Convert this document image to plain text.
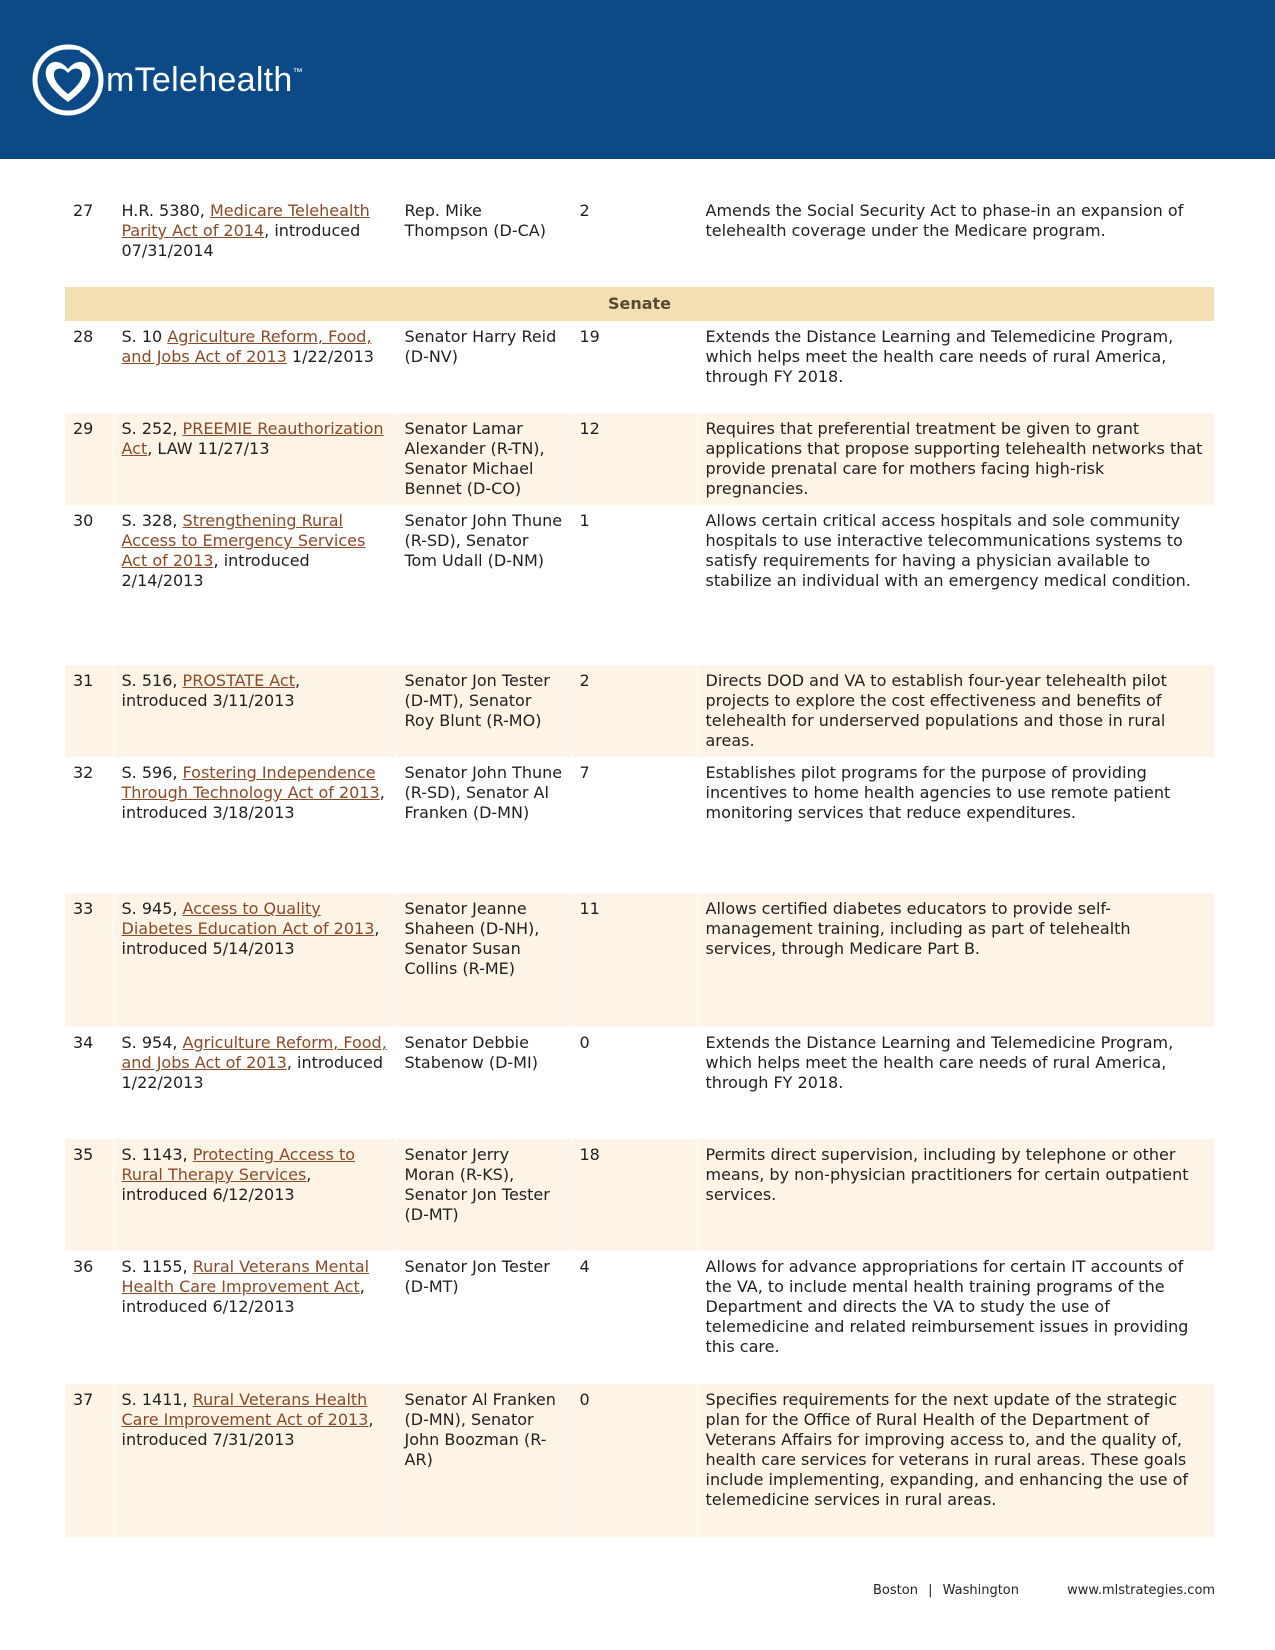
mTelehealth™
27	H.R. 5380, Medicare Telehealth Parity Act of 2014, introduced 07/31/2014	Rep. Mike Thompson (D-CA)	2	Amends the Social Security Act to phase-in an expansion of telehealth coverage under the Medicare program.
Senate				
28	S. 10 Agriculture Reform, Food, and Jobs Act of 2013 1/22/2013	Senator Harry Reid (D-NV)	19	Extends the Distance Learning and Telemedicine Program, which helps meet the health care needs of rural America, through FY 2018.
29	S. 252, PREEMIE Reauthorization Act, LAW 11/27/13	Senator Lamar Alexander (R-TN), Senator Michael Bennet (D-CO)	12	Requires that preferential treatment be given to grant applications that propose supporting telehealth networks that provide prenatal care for mothers facing high-risk pregnancies.
30	S. 328, Strengthening Rural Access to Emergency Services Act of 2013, introduced 2/14/2013	Senator John Thune (R-SD), Senator Tom Udall (D-NM)	1	Allows certain critical access hospitals and sole community hospitals to use interactive telecommunications systems to satisfy requirements for having a physician available to stabilize an individual with an emergency medical condition.
31	S. 516, PROSTATE Act, introduced 3/11/2013	Senator Jon Tester (D-MT), Senator Roy Blunt (R-MO)	2	Directs DOD and VA to establish four-year telehealth pilot projects to explore the cost effectiveness and benefits of telehealth for underserved populations and those in rural areas.
32	S. 596, Fostering Independence Through Technology Act of 2013, introduced 3/18/2013	Senator John Thune (R-SD), Senator Al Franken (D-MN)	7	Establishes pilot programs for the purpose of providing incentives to home health agencies to use remote patient monitoring services that reduce expenditures.
33	S. 945, Access to Quality Diabetes Education Act of 2013, introduced 5/14/2013	Senator Jeanne Shaheen (D-NH), Senator Susan Collins (R-ME)	11	Allows certified diabetes educators to provide self-management training, including as part of telehealth services, through Medicare Part B.
34	S. 954, Agriculture Reform, Food, and Jobs Act of 2013, introduced 1/22/2013	Senator Debbie Stabenow (D-MI)	0	Extends the Distance Learning and Telemedicine Program, which helps meet the health care needs of rural America, through FY 2018.
35	S. 1143, Protecting Access to Rural Therapy Services, introduced 6/12/2013	Senator Jerry Moran (R-KS), Senator Jon Tester (D-MT)	18	Permits direct supervision, including by telephone or other means, by non-physician practitioners for certain outpatient services.
36	S. 1155, Rural Veterans Mental Health Care Improvement Act, introduced 6/12/2013	Senator Jon Tester (D-MT)	4	Allows for advance appropriations for certain IT accounts of the VA, to include mental health training programs of the Department and directs the VA to study the use of telemedicine and related reimbursement issues in providing this care.
37	S. 1411, Rural Veterans Health Care Improvement Act of 2013, introduced 7/31/2013	Senator Al Franken (D-MN), Senator John Boozman (R-AR)	0	Specifies requirements for the next update of the strategic plan for the Office of Rural Health of the Department of Veterans Affairs for improving access to, and the quality of, health care services for veterans in rural areas. These goals include implementing, expanding, and enhancing the use of telemedicine services in rural areas.
Boston | Washington	www.mlstrategies.com
